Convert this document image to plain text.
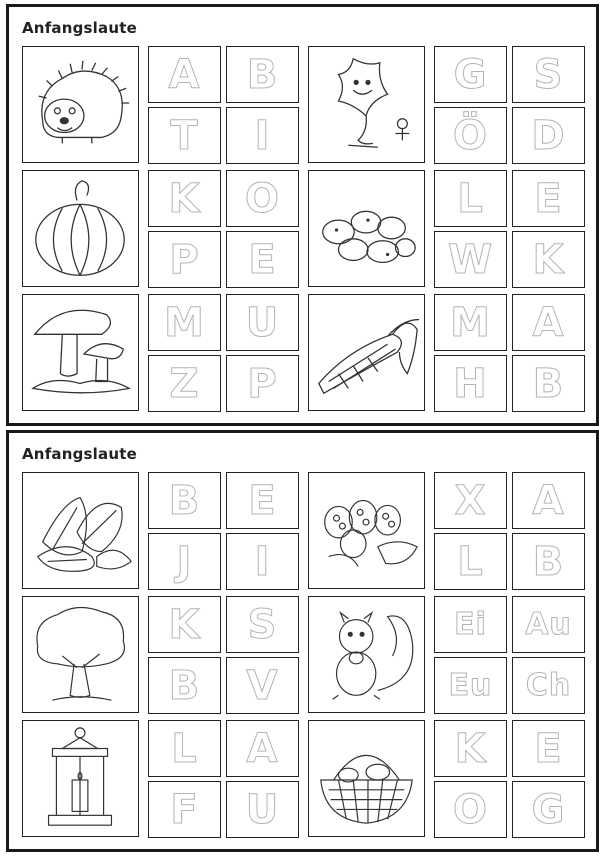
Anfangslaute
A B
T I
G S
Ö D
K O
P E
L E
W K
M U
Z P
M A
H B
Anfangslaute
B E
J I
X A
L B
K S
B V
Ei Au
Eu Ch
L A
F U
K E
O G
